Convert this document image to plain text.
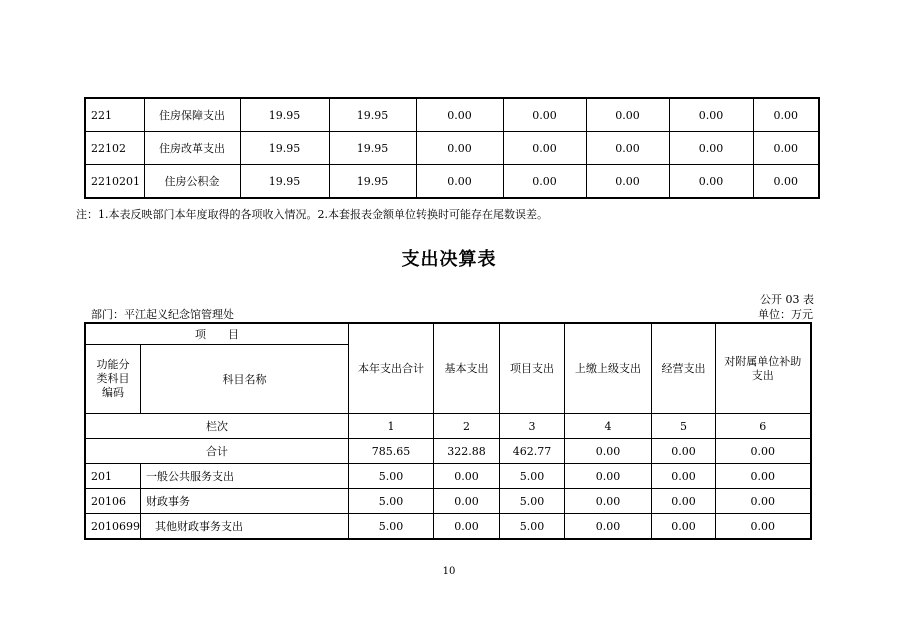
221	住房保障支出	19.95	19.95	0.00	0.00	0.00	0.00	0.00
22102	住房改革支出	19.95	19.95	0.00	0.00	0.00	0.00	0.00
2210201	住房公积金	19.95	19.95	0.00	0.00	0.00	0.00	0.00
注：1.本表反映部门本年度取得的各项收入情况。2.本套报表金额单位转换时可能存在尾数误差。
支出决算表
公开 03 表
部门：平江起义纪念馆管理处	单位：万元
项　　目		本年支出合计	基本支出	项目支出	上缴上级支出	经营支出	对附属单位补助支出
功能分类科目编码	科目名称						
栏次		1	2	3	4	5	6
合计		785.65	322.88	462.77	0.00	0.00	0.00
201	一般公共服务支出	5.00	0.00	5.00	0.00	0.00	0.00
20106	财政事务	5.00	0.00	5.00	0.00	0.00	0.00
2010699	其他财政事务支出	5.00	0.00	5.00	0.00	0.00	0.00
10
